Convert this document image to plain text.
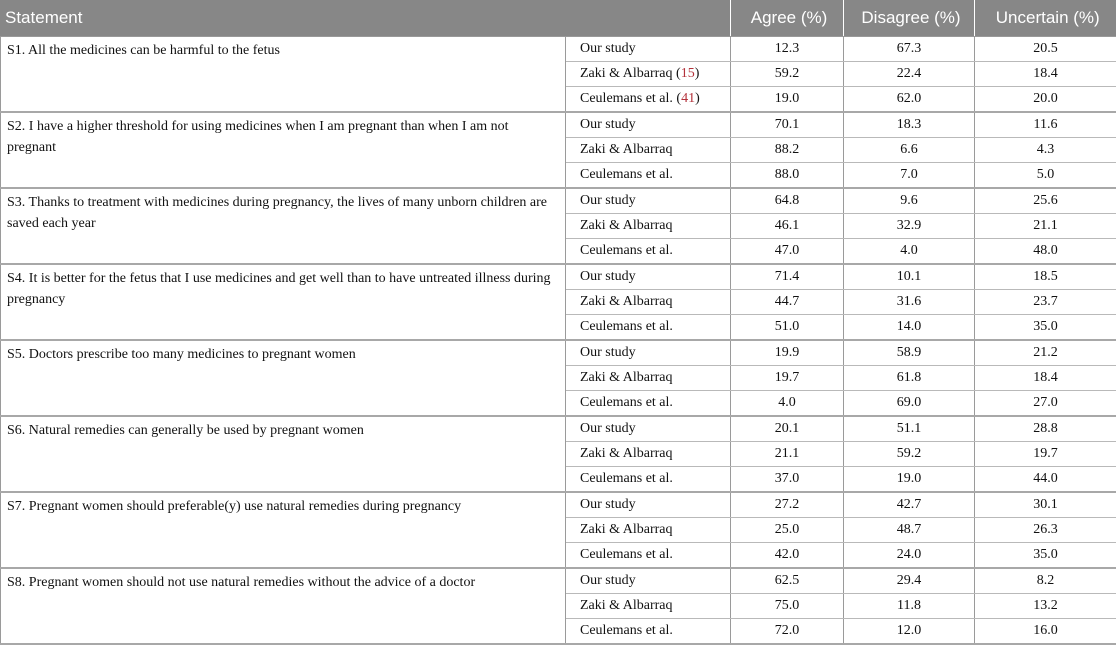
Statement		Agree (%)	Disagree (%)	Uncertain (%)
S1. All the medicines can be harmful to the fetus	Our study	12.3	67.3	20.5
	Zaki & Albarraq (15)	59.2	22.4	18.4
	Ceulemans et al. (41)	19.0	62.0	20.0
S2. I have a higher threshold for using medicines when I am pregnant than when I am not pregnant	Our study	70.1	18.3	11.6
	Zaki & Albarraq	88.2	6.6	4.3
	Ceulemans et al.	88.0	7.0	5.0
S3. Thanks to treatment with medicines during pregnancy, the lives of many unborn children are saved each year	Our study	64.8	9.6	25.6
	Zaki & Albarraq	46.1	32.9	21.1
	Ceulemans et al.	47.0	4.0	48.0
S4. It is better for the fetus that I use medicines and get well than to have untreated illness during pregnancy	Our study	71.4	10.1	18.5
	Zaki & Albarraq	44.7	31.6	23.7
	Ceulemans et al.	51.0	14.0	35.0
S5. Doctors prescribe too many medicines to pregnant women	Our study	19.9	58.9	21.2
	Zaki & Albarraq	19.7	61.8	18.4
	Ceulemans et al.	4.0	69.0	27.0
S6. Natural remedies can generally be used by pregnant women	Our study	20.1	51.1	28.8
	Zaki & Albarraq	21.1	59.2	19.7
	Ceulemans et al.	37.0	19.0	44.0
S7. Pregnant women should preferable(y) use natural remedies during pregnancy	Our study	27.2	42.7	30.1
	Zaki & Albarraq	25.0	48.7	26.3
	Ceulemans et al.	42.0	24.0	35.0
S8. Pregnant women should not use natural remedies without the advice of a doctor	Our study	62.5	29.4	8.2
	Zaki & Albarraq	75.0	11.8	13.2
	Ceulemans et al.	72.0	12.0	16.0
